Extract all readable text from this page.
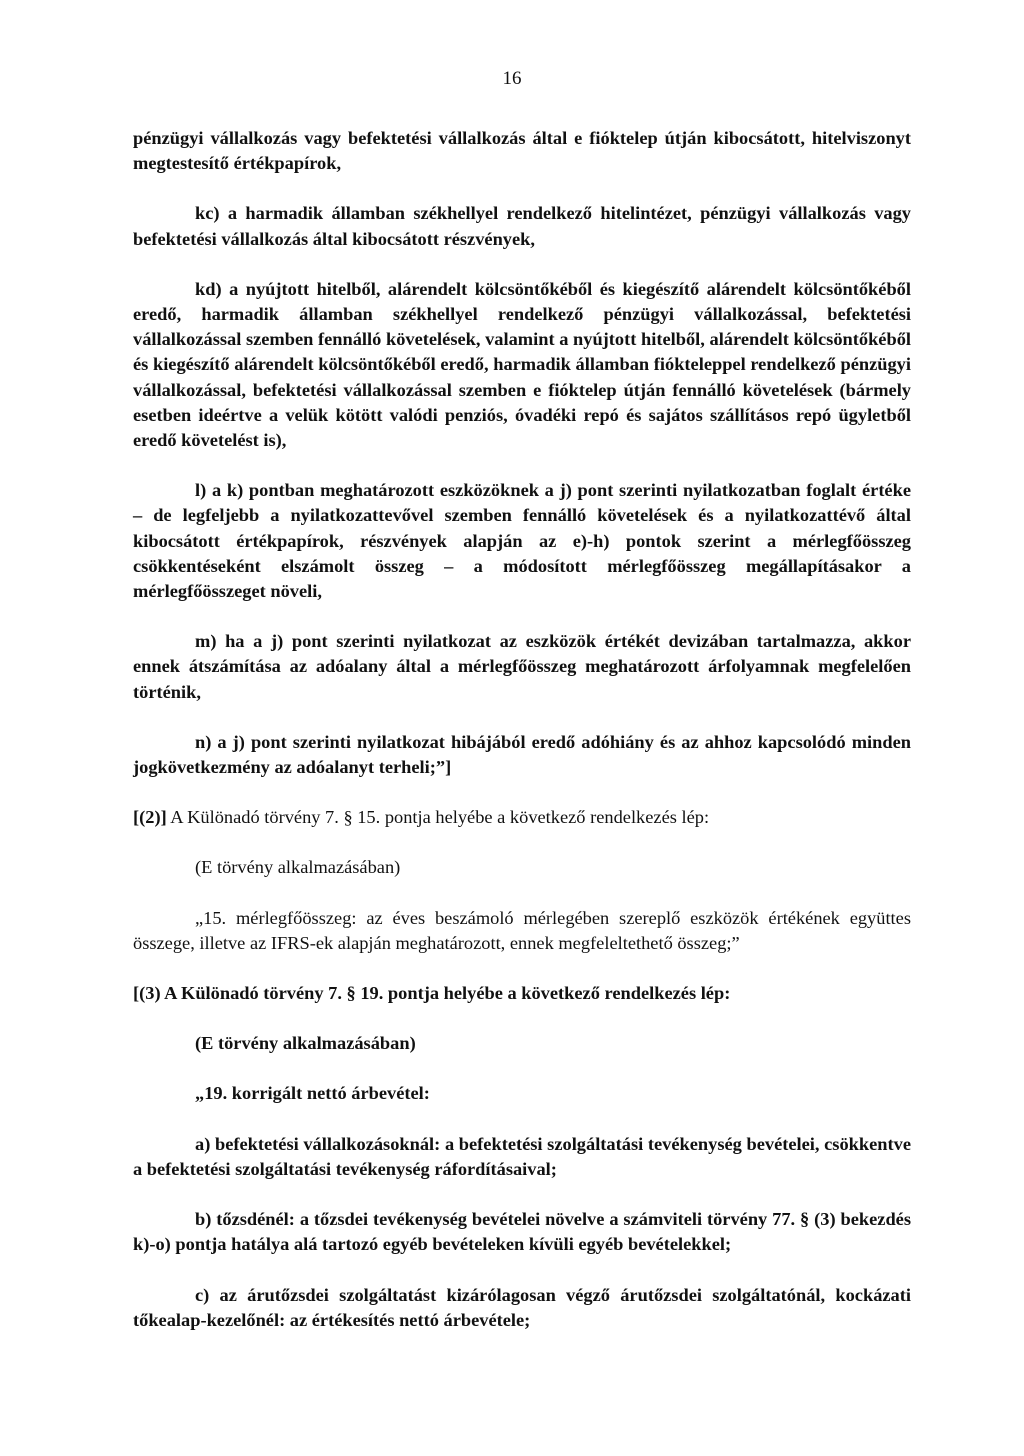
16

pénzügyi vállalkozás vagy befektetési vállalkozás által e fióktelep útján kibocsátott, hitelviszonyt megtestesítő értékpapírok,

kc) a harmadik államban székhellyel rendelkező hitelintézet, pénzügyi vállalkozás vagy befektetési vállalkozás által kibocsátott részvények,

kd) a nyújtott hitelből, alárendelt kölcsöntőkéből és kiegészítő alárendelt kölcsöntőkéből eredő, harmadik államban székhellyel rendelkező pénzügyi vállalkozással, befektetési vállalkozással szemben fennálló követelések, valamint a nyújtott hitelből, alárendelt kölcsöntőkéből és kiegészítő alárendelt kölcsöntőkéből eredő, harmadik államban fiókteleppel rendelkező pénzügyi vállalkozással, befektetési vállalkozással szemben e fióktelep útján fennálló követelések (bármely esetben ideértve a velük kötött valódi penziós, óvadéki repó és sajátos szállításos repó ügyletből eredő követelést is),

l) a k) pontban meghatározott eszközöknek a j) pont szerinti nyilatkozatban foglalt értéke – de legfeljebb a nyilatkozattevővel szemben fennálló követelések és a nyilatkozattévő által kibocsátott értékpapírok, részvények alapján az e)-h) pontok szerint a mérlegfőösszeg csökkentéseként elszámolt összeg – a módosított mérlegfőösszeg megállapításakor a mérlegfőösszeget növeli,

m) ha a j) pont szerinti nyilatkozat az eszközök értékét devizában tartalmazza, akkor ennek átszámítása az adóalany által a mérlegfőösszeg meghatározott árfolyamnak megfelelően történik,

n) a j) pont szerinti nyilatkozat hibájából eredő adóhiány és az ahhoz kapcsolódó minden jogkövetkezmény az adóalanyt terheli;”]

[(2)] A Különadó törvény 7. § 15. pontja helyébe a következő rendelkezés lép:

(E törvény alkalmazásában)

„15. mérlegfőösszeg: az éves beszámoló mérlegében szereplő eszközök értékének együttes összege, illetve az IFRS-ek alapján meghatározott, ennek megfeleltethető összeg;”

[(3) A Különadó törvény 7. § 19. pontja helyébe a következő rendelkezés lép:

(E törvény alkalmazásában)

„19. korrigált nettó árbevétel:

a) befektetési vállalkozásoknál: a befektetési szolgáltatási tevékenység bevételei, csökkentve a befektetési szolgáltatási tevékenység ráfordításaival;

b) tőzsdénél: a tőzsdei tevékenység bevételei növelve a számviteli törvény 77. § (3) bekezdés k)-o) pontja hatálya alá tartozó egyéb bevételeken kívüli egyéb bevételekkel;

c) az árutőzsdei szolgáltatást kizárólagosan végző árutőzsdei szolgáltatónál, kockázati tőkealap-kezelőnél: az értékesítés nettó árbevétele;
